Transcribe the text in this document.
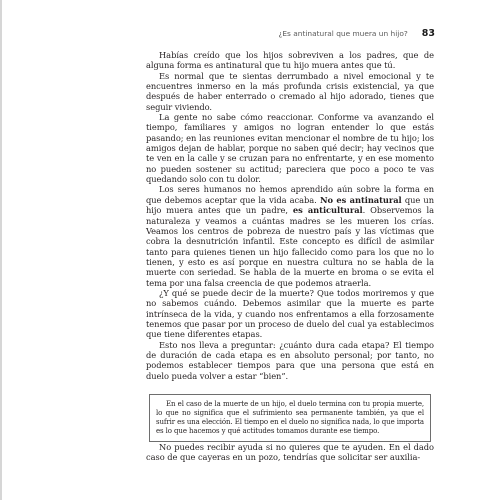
¿Es antinatural que muera un hijo? 83

Habías creído que los hijos sobreviven a los padres, que de alguna forma es antinatural que tu hijo muera antes que tú.

Es normal que te sientas derrumbado a nivel emocional y te encuentres inmerso en la más profunda crisis existencial, ya que después de haber enterrado o cremado al hijo adorado, tienes que seguir viviendo.

La gente no sabe cómo reaccionar. Conforme va avanzando el tiempo, familiares y amigos no logran entender lo que estás pasando; en las reuniones evitan mencionar el nombre de tu hijo; los amigos dejan de hablar, porque no saben qué decir; hay vecinos que te ven en la calle y se cruzan para no enfrentarte, y en ese momento no pueden sostener su actitud; pareciera que poco a poco te vas quedando solo con tu dolor.

Los seres humanos no hemos aprendido aún sobre la forma en que debemos aceptar que la vida acaba. No es antinatural que un hijo muera antes que un padre, es anticultural. Observemos la naturaleza y veamos a cuántas madres se les mueren los crías. Veamos los centros de pobreza de nuestro país y las víctimas que cobra la desnutrición infantil. Este concepto es difícil de asimilar tanto para quienes tienen un hijo fallecido como para los que no lo tienen, y esto es así porque en nuestra cultura no se habla de la muerte con seriedad. Se habla de la muerte en broma o se evita el tema por una falsa creencia de que podemos atraerla.

¿Y qué se puede decir de la muerte? Que todos moriremos y que no sabemos cuándo. Debemos asimilar que la muerte es parte intrínseca de la vida, y cuando nos enfrentamos a ella forzosamente tenemos que pasar por un proceso de duelo del cual ya establecimos que tiene diferentes etapas.

Esto nos lleva a preguntar: ¿cuánto dura cada etapa? El tiempo de duración de cada etapa es en absoluto personal; por tanto, no podemos establecer tiempos para que una persona que está en duelo pueda volver a estar “bien”.

En el caso de la muerte de un hijo, el duelo termina con tu propia muerte, lo que no significa que el sufrimiento sea permanente también, ya que el sufrir es una elección. El tiempo en el duelo no significa nada, lo que importa es lo que hacemos y qué actitudes tomamos durante ese tiempo.

No puedes recibir ayuda si no quieres que te ayuden. En el dado caso de que cayeras en un pozo, tendrías que solicitar ser auxilia-
